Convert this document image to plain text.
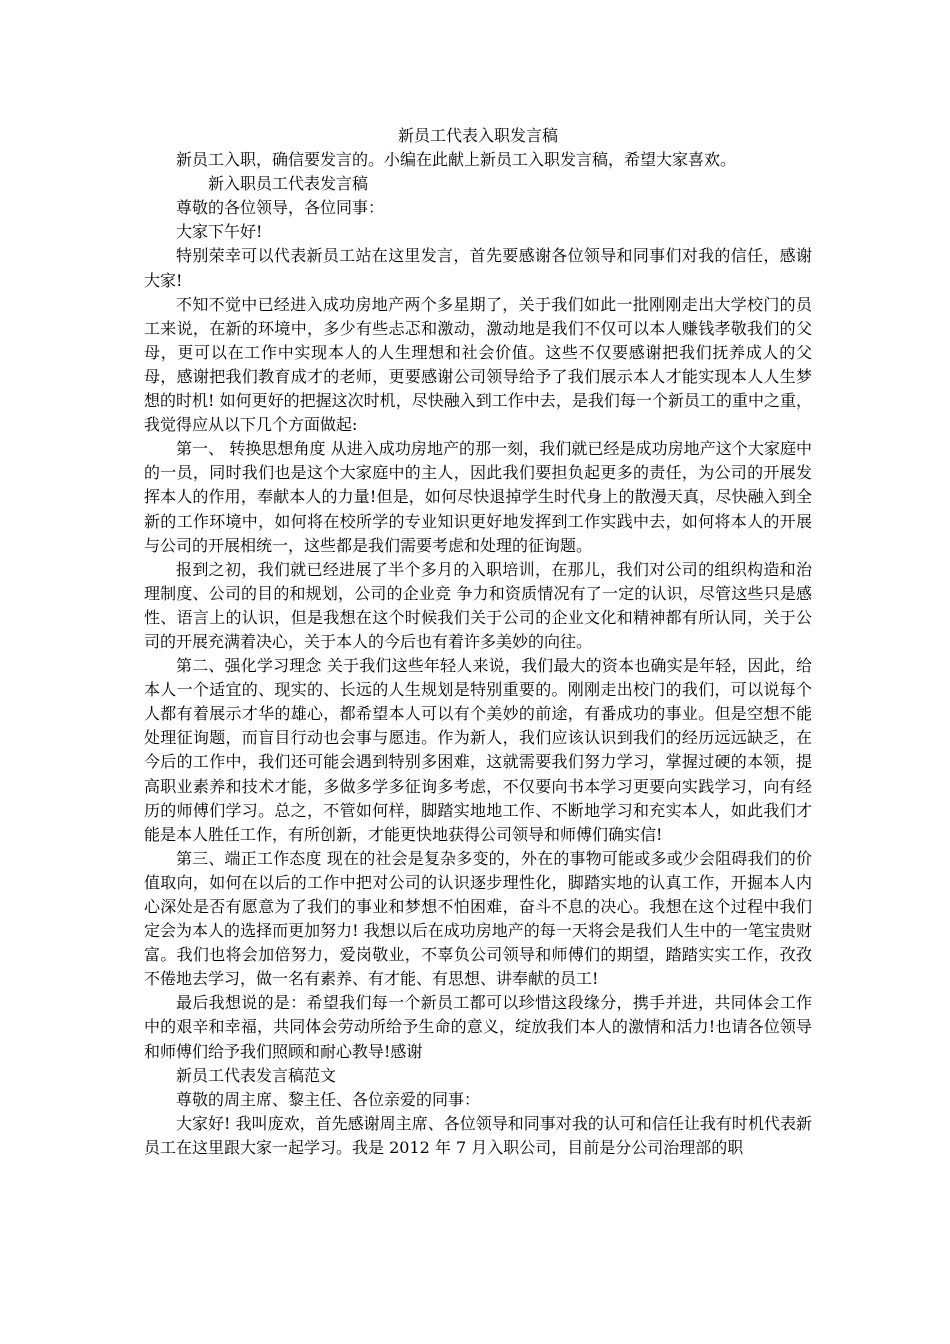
新员工代表入职发言稿

新员工入职，确信要发言的。小编在此献上新员工入职发言稿，希望大家喜欢。

新入职员工代表发言稿

尊敬的各位领导，各位同事：

大家下午好!

特别荣幸可以代表新员工站在这里发言，首先要感谢各位领导和同事们对我的信任，感谢大家!

不知不觉中已经进入成功房地产两个多星期了，关于我们如此一批刚刚走出大学校门的员工来说，在新的环境中，多少有些忐忑和激动，激动地是我们不仅可以本人赚钱孝敬我们的父母，更可以在工作中实现本人的人生理想和社会价值。这些不仅要感谢把我们抚养成人的父母，感谢把我们教育成才的老师，更要感谢公司领导给予了我们展示本人才能实现本人人生梦想的时机! 如何更好的把握这次时机，尽快融入到工作中去，是我们每一个新员工的重中之重，我觉得应从以下几个方面做起:

第一、 转换思想角度 从进入成功房地产的那一刻，我们就已经是成功房地产这个大家庭中的一员，同时我们也是这个大家庭中的主人，因此我们要担负起更多的责任，为公司的开展发挥本人的作用，奉献本人的力量!但是，如何尽快退掉学生时代身上的散漫天真，尽快融入到全新的工作环境中，如何将在校所学的专业知识更好地发挥到工作实践中去，如何将本人的开展与公司的开展相统一，这些都是我们需要考虑和处理的征询题。

报到之初，我们就已经进展了半个多月的入职培训，在那儿，我们对公司的组织构造和治理制度、公司的目的和规划，公司的企业竞 争力和资质情况有了一定的认识，尽管这些只是感性、语言上的认识，但是我想在这个时候我们关于公司的企业文化和精神都有所认同，关于公司的开展充满着决心，关于本人的今后也有着许多美妙的向往。

第二、强化学习理念 关于我们这些年轻人来说，我们最大的资本也确实是年轻，因此，给本人一个适宜的、现实的、长远的人生规划是特别重要的。刚刚走出校门的我们，可以说每个人都有着展示才华的雄心，都希望本人可以有个美妙的前途，有番成功的事业。但是空想不能处理征询题，而盲目行动也会事与愿违。作为新人，我们应该认识到我们的经历远远缺乏，在今后的工作中，我们还可能会遇到特别多困难，这就需要我们努力学习，掌握过硬的本领，提高职业素养和技术才能，多做多学多征询多考虑，不仅要向书本学习更要向实践学习，向有经历的师傅们学习。总之，不管如何样，脚踏实地地工作、不断地学习和充实本人，如此我们才能是本人胜任工作，有所创新，才能更快地获得公司领导和师傅们确实信!

第三、端正工作态度 现在的社会是复杂多变的，外在的事物可能或多或少会阻碍我们的价值取向，如何在以后的工作中把对公司的认识逐步理性化，脚踏实地的认真工作，开掘本人内心深处是否有愿意为了我们的事业和梦想不怕困难，奋斗不息的决心。我想在这个过程中我们定会为本人的选择而更加努力! 我想以后在成功房地产的每一天将会是我们人生中的一笔宝贵财 富。我们也将会加倍努力，爱岗敬业，不辜负公司领导和师傅们的期望，踏踏实实工作，孜孜不倦地去学习，做一名有素养、有才能、有思想、讲奉献的员工!

最后我想说的是：希望我们每一个新员工都可以珍惜这段缘分，携手并进，共同体会工作中的艰辛和幸福，共同体会劳动所给予生命的意义，绽放我们本人的激情和活力!也请各位领导和师傅们给予我们照顾和耐心教导!感谢

新员工代表发言稿范文

尊敬的周主席、黎主任、各位亲爱的同事：

大家好! 我叫庞欢，首先感谢周主席、各位领导和同事对我的认可和信任让我有时机代表新员工在这里跟大家一起学习。我是 2012 年 7 月入职公司，目前是分公司治理部的职
